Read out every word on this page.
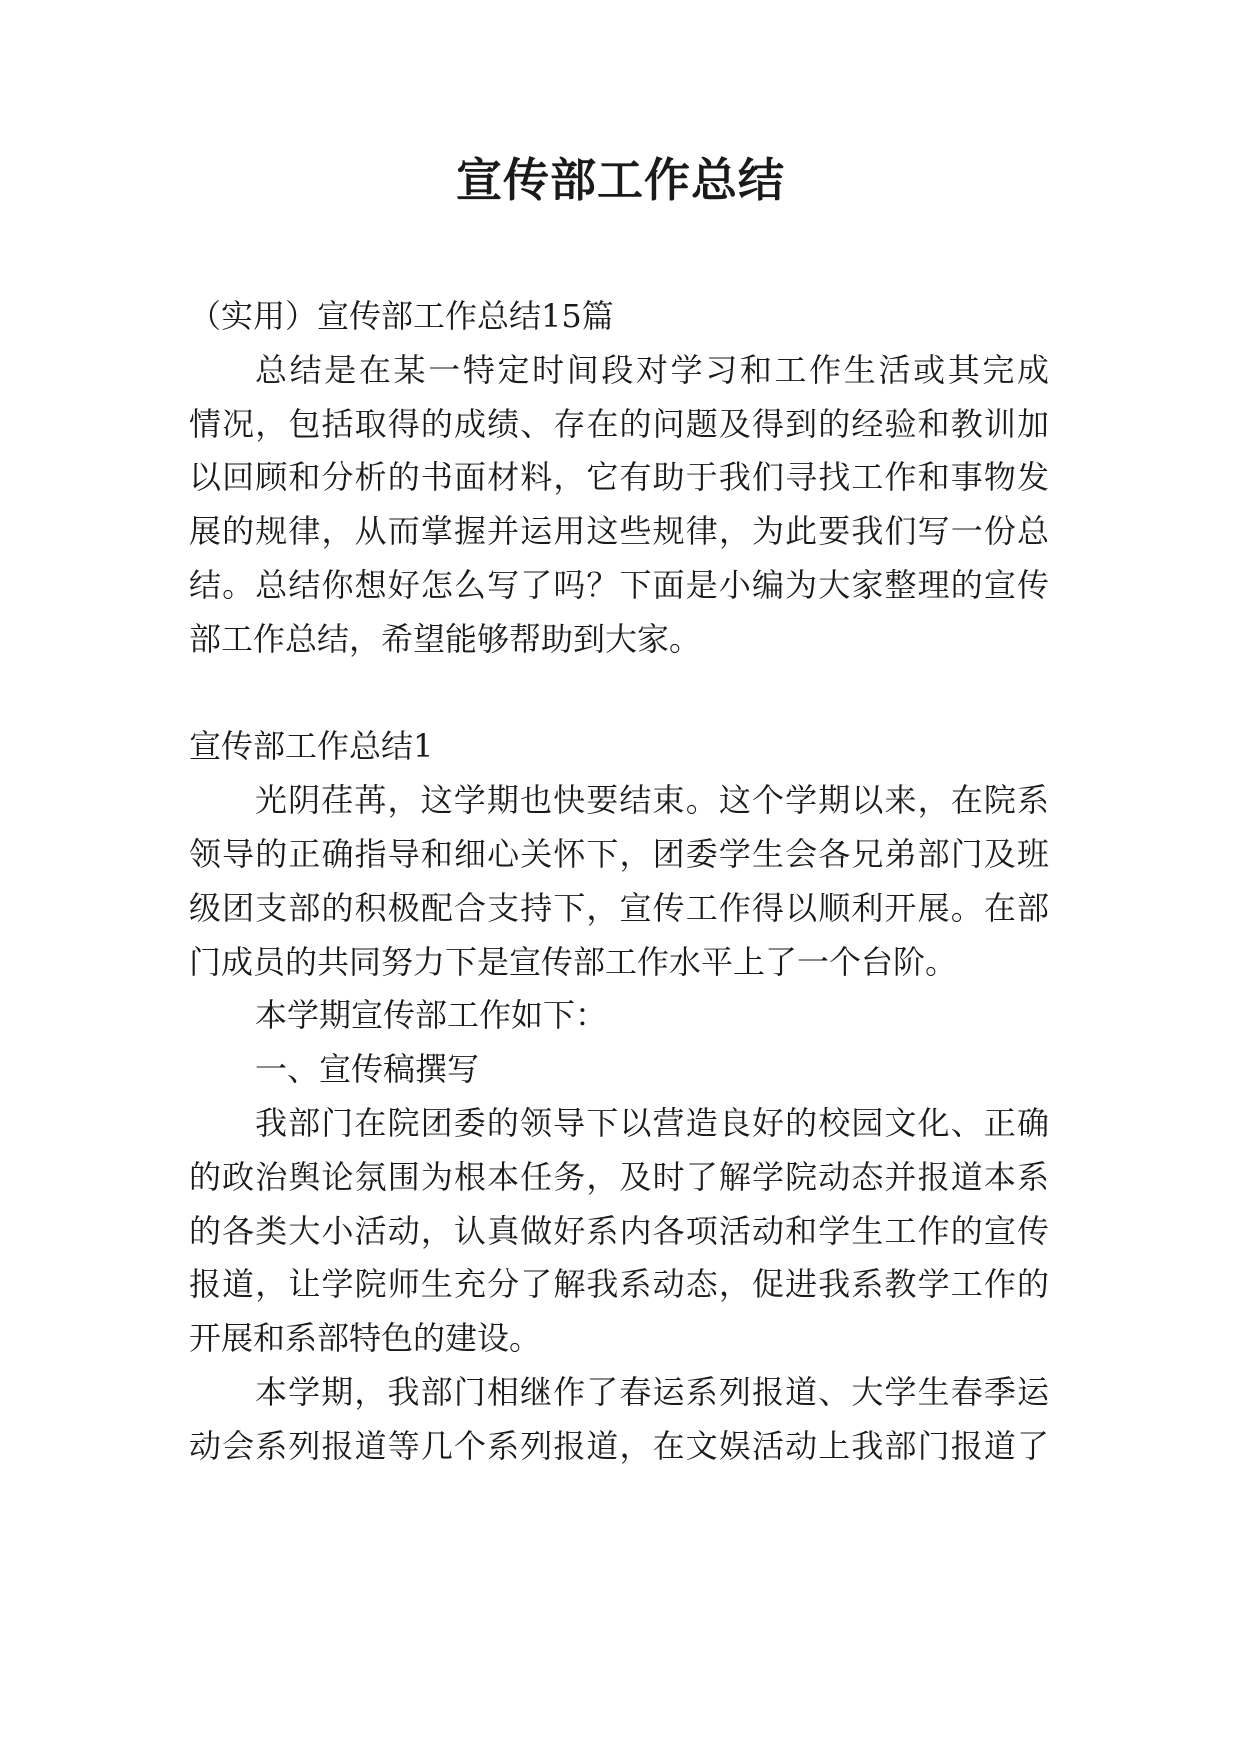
宣传部工作总结
（实用）宣传部工作总结15篇
总结是在某一特定时间段对学习和工作生活或其完成
情况，包括取得的成绩、存在的问题及得到的经验和教训加
以回顾和分析的书面材料，它有助于我们寻找工作和事物发
展的规律，从而掌握并运用这些规律，为此要我们写一份总
结。总结你想好怎么写了吗？下面是小编为大家整理的宣传
部工作总结，希望能够帮助到大家。
宣传部工作总结1
光阴荏苒，这学期也快要结束。这个学期以来，在院系
领导的正确指导和细心关怀下，团委学生会各兄弟部门及班
级团支部的积极配合支持下，宣传工作得以顺利开展。在部
门成员的共同努力下是宣传部工作水平上了一个台阶。
本学期宣传部工作如下：
一、宣传稿撰写
我部门在院团委的领导下以营造良好的校园文化、正确
的政治舆论氛围为根本任务，及时了解学院动态并报道本系
的各类大小活动，认真做好系内各项活动和学生工作的宣传
报道，让学院师生充分了解我系动态，促进我系教学工作的
开展和系部特色的建设。
本学期，我部门相继作了春运系列报道、大学生春季运
动会系列报道等几个系列报道，在文娱活动上我部门报道了
